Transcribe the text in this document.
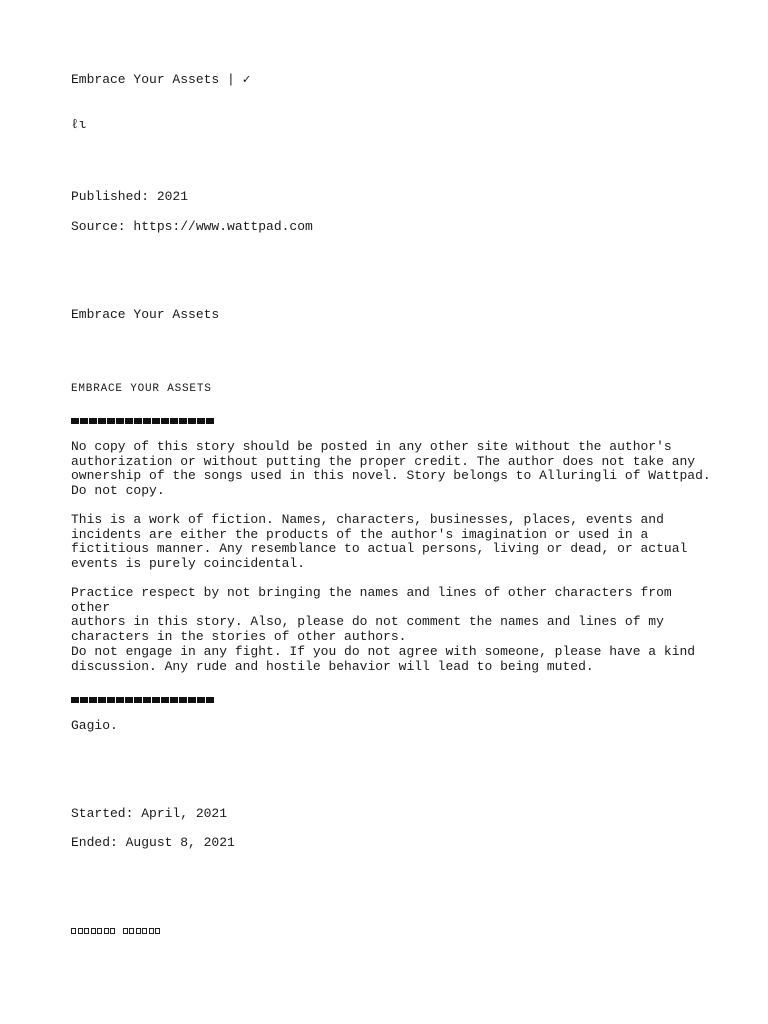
Embrace Your Assets | ✓

ℓι

Published: 2021

Source: https://www.wattpad.com

Embrace Your Assets

EMBRACE YOUR ASSETS

No copy of this story should be posted in any other site without the author's
authorization or without putting the proper credit. The author does not take any
ownership of the songs used in this novel. Story belongs to Alluringli of Wattpad.
Do not copy.

This is a work of fiction. Names, characters, businesses, places, events and
incidents are either the products of the author's imagination or used in a
fictitious manner. Any resemblance to actual persons, living or dead, or actual
events is purely coincidental.

Practice respect by not bringing the names and lines of other characters from other
authors in this story. Also, please do not comment the names and lines of my
characters in the stories of other authors.

Do not engage in any fight. If you do not agree with someone, please have a kind
discussion. Any rude and hostile behavior will lead to being muted.

Gagio.

Started: April, 2021

Ended: August 8, 2021
